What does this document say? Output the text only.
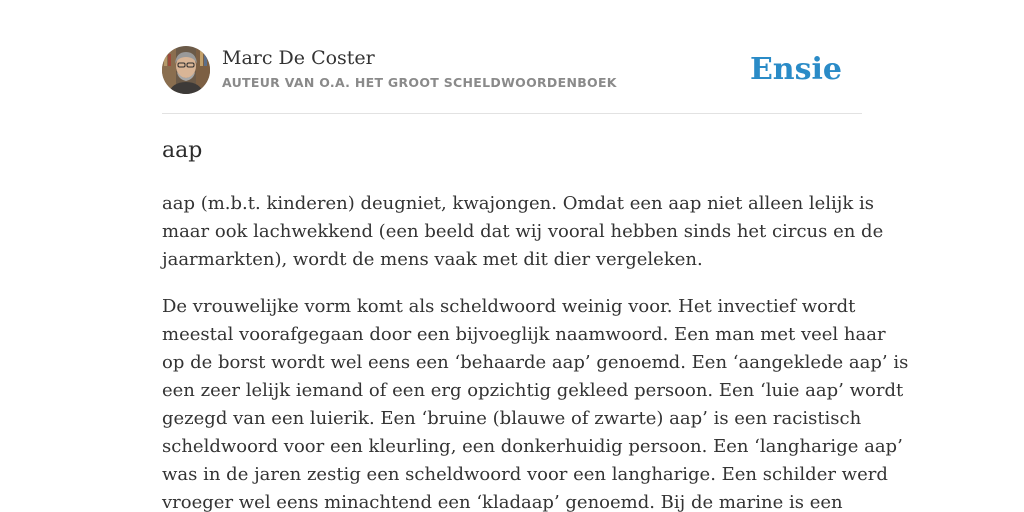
Marc De Coster
AUTEUR VAN O.A. HET GROOT SCHELDWOORDENBOEK	Ensie
aap

aap (m.b.t. kinderen) deugniet, kwajongen. Omdat een aap niet alleen lelijk is
maar ook lachwekkend (een beeld dat wij vooral hebben sinds het circus en de
jaarmarkten), wordt de mens vaak met dit dier vergeleken.

De vrouwelijke vorm komt als scheldwoord weinig voor. Het invectief wordt
meestal voorafgegaan door een bijvoeglijk naamwoord. Een man met veel haar
op de borst wordt wel eens een ‘behaarde aap’ genoemd. Een ‘aangeklede aap’ is
een zeer lelijk iemand of een erg opzichtig gekleed persoon. Een ‘luie aap’ wordt
gezegd van een luierik. Een ‘bruine (blauwe of zwarte) aap’ is een racistisch
scheldwoord voor een kleurling, een donkerhuidig persoon. Een ‘langharige aap’
was in de jaren zestig een scheldwoord voor een langharige. Een schilder werd
vroeger wel eens minachtend een ‘kladaap’ genoemd. Bij de marine is een
